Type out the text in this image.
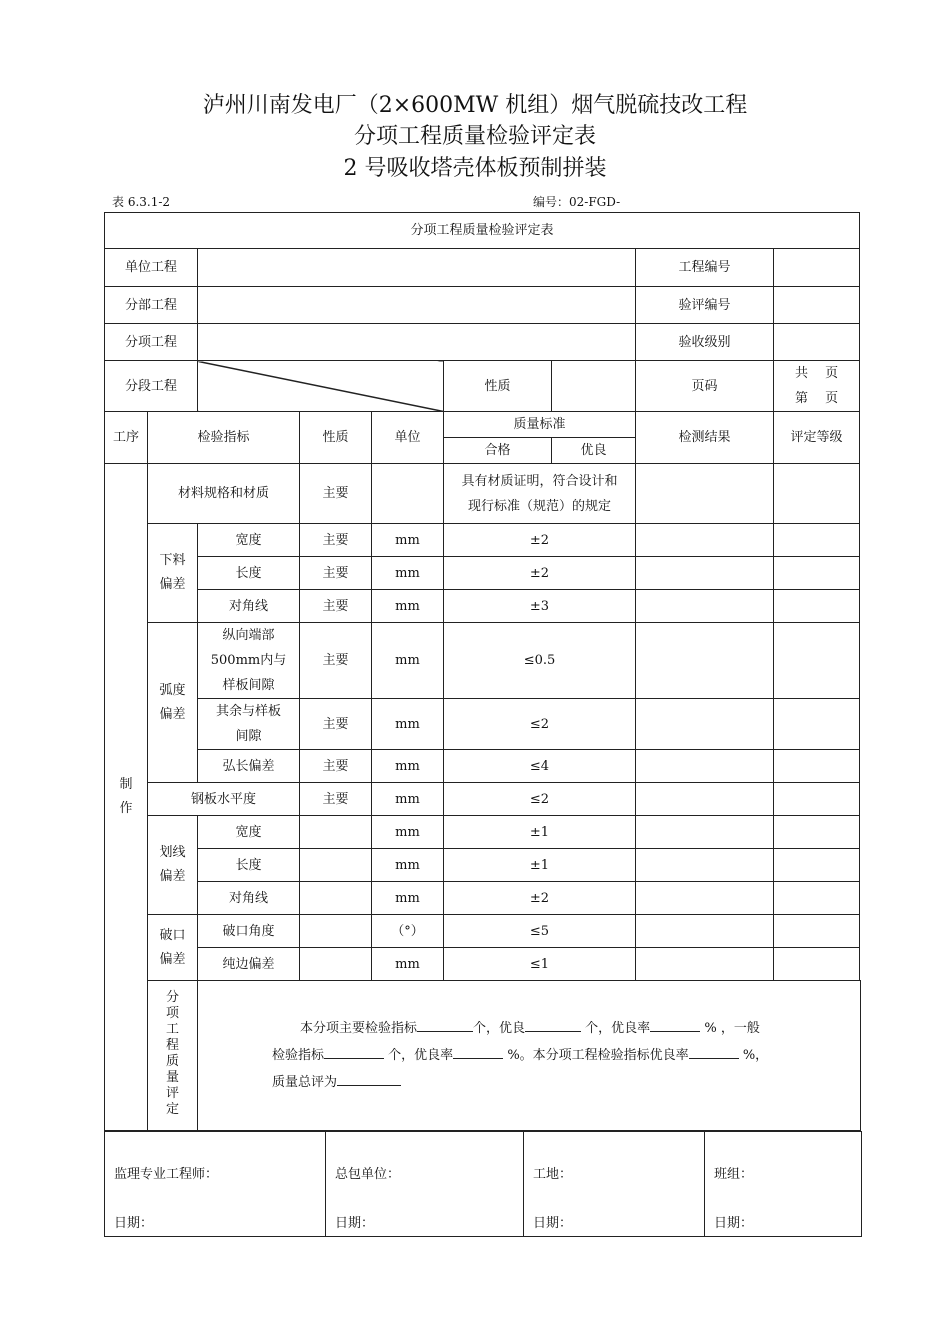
泸州川南发电厂（2×600MW 机组）烟气脱硫技改工程
分项工程质量检验评定表
2 号吸收塔壳体板预制拼装
表 6.3.1-2	编号：02-FGD-
分项工程质量检验评定表								
单位工程							工程编号	
分部工程							验评编号	
分项工程							验收级别	
分段工程					性质		页码	共　 页
第　 页

工序	检验指标		性质	单位	质量标准		检测结果	评定等级
					合格	优良		
制作	材料规格和材质		主要		具有材质证明，符合设计和现行标准（规范）的规定			
	下料偏差	宽度	主要	mm	±2			
		长度	主要	mm	±2			
		对角线	主要	mm	±3			
	弧度偏差	纵向端部500mm内与样板间隙	主要	mm	≤0.5			
		其余与样板间隙	主要	mm	≤2			
		弘长偏差	主要	mm	≤4			
	钢板水平度		主要	mm	≤2			
	划线偏差	宽度		mm	±1			
		长度		mm	±1			
		对角线		mm	±2			
	破口偏差	破口角度		（°）	≤5			
		纯边偏差		mm	≤1			
	分项工程质量评定	本分项主要检验指标 个，优良 个，优良率 % ，一般
检验指标 个，优良率 %。本分项工程检验指标优良率 %，
质量总评为						
监理专业工程师：
日期：
	总包单位：
日期：
	工地：
日期：
	班组：
日期：
